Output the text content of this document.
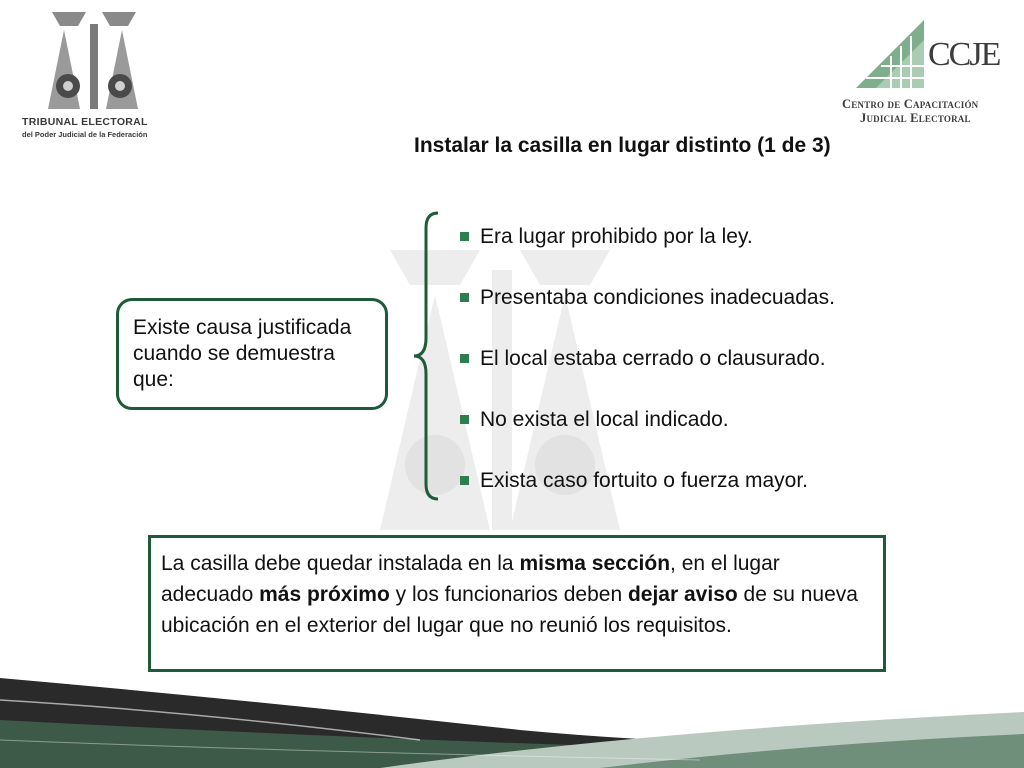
TRIBUNAL ELECTORAL
del Poder Judicial de la Federación
CCJE
Centro de Capacitación
Judicial Electoral
Instalar la casilla en lugar distinto (1 de 3)
Existe causa justificada cuando se demuestra que:
Era lugar prohibido por la ley.
Presentaba condiciones inadecuadas.
El local estaba cerrado o clausurado.
No exista el local indicado.
Exista caso fortuito o fuerza mayor.
La casilla debe quedar instalada en la misma sección, en el lugar adecuado más próximo y los funcionarios deben dejar aviso de su nueva ubicación en el exterior del lugar que no reunió los requisitos.
